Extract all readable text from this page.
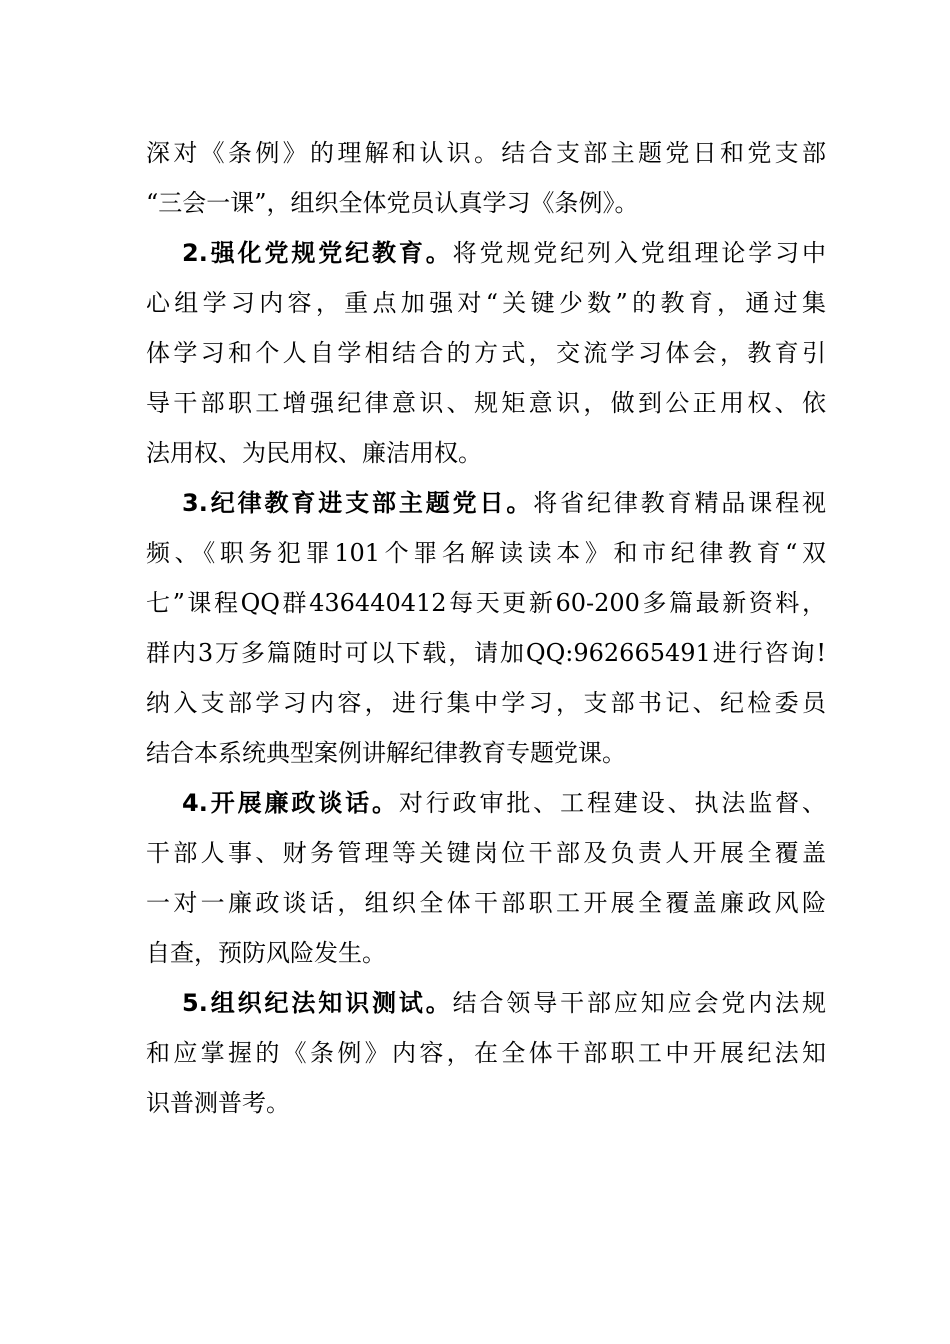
深对《条例》的理解和认识。结合支部主题党日和党支部
“三会一课”，组织全体党员认真学习《条例》。
2.强化党规党纪教育。将党规党纪列入党组理论学习中
心组学习内容，重点加强对“关键少数”的教育，通过集
体学习和个人自学相结合的方式，交流学习体会，教育引
导干部职工增强纪律意识、规矩意识，做到公正用权、依
法用权、为民用权、廉洁用权。
3.纪律教育进支部主题党日。将省纪律教育精品课程视
频、《职务犯罪101个罪名解读读本》和市纪律教育“双
七”课程QQ群436440412每天更新60-200多篇最新资料，
群内3万多篇随时可以下载，请加QQ:962665491进行咨询!
纳入支部学习内容，进行集中学习，支部书记、纪检委员
结合本系统典型案例讲解纪律教育专题党课。
4.开展廉政谈话。对行政审批、工程建设、执法监督、
干部人事、财务管理等关键岗位干部及负责人开展全覆盖
一对一廉政谈话，组织全体干部职工开展全覆盖廉政风险
自查，预防风险发生。
5.组织纪法知识测试。结合领导干部应知应会党内法规
和应掌握的《条例》内容，在全体干部职工中开展纪法知
识普测普考。
